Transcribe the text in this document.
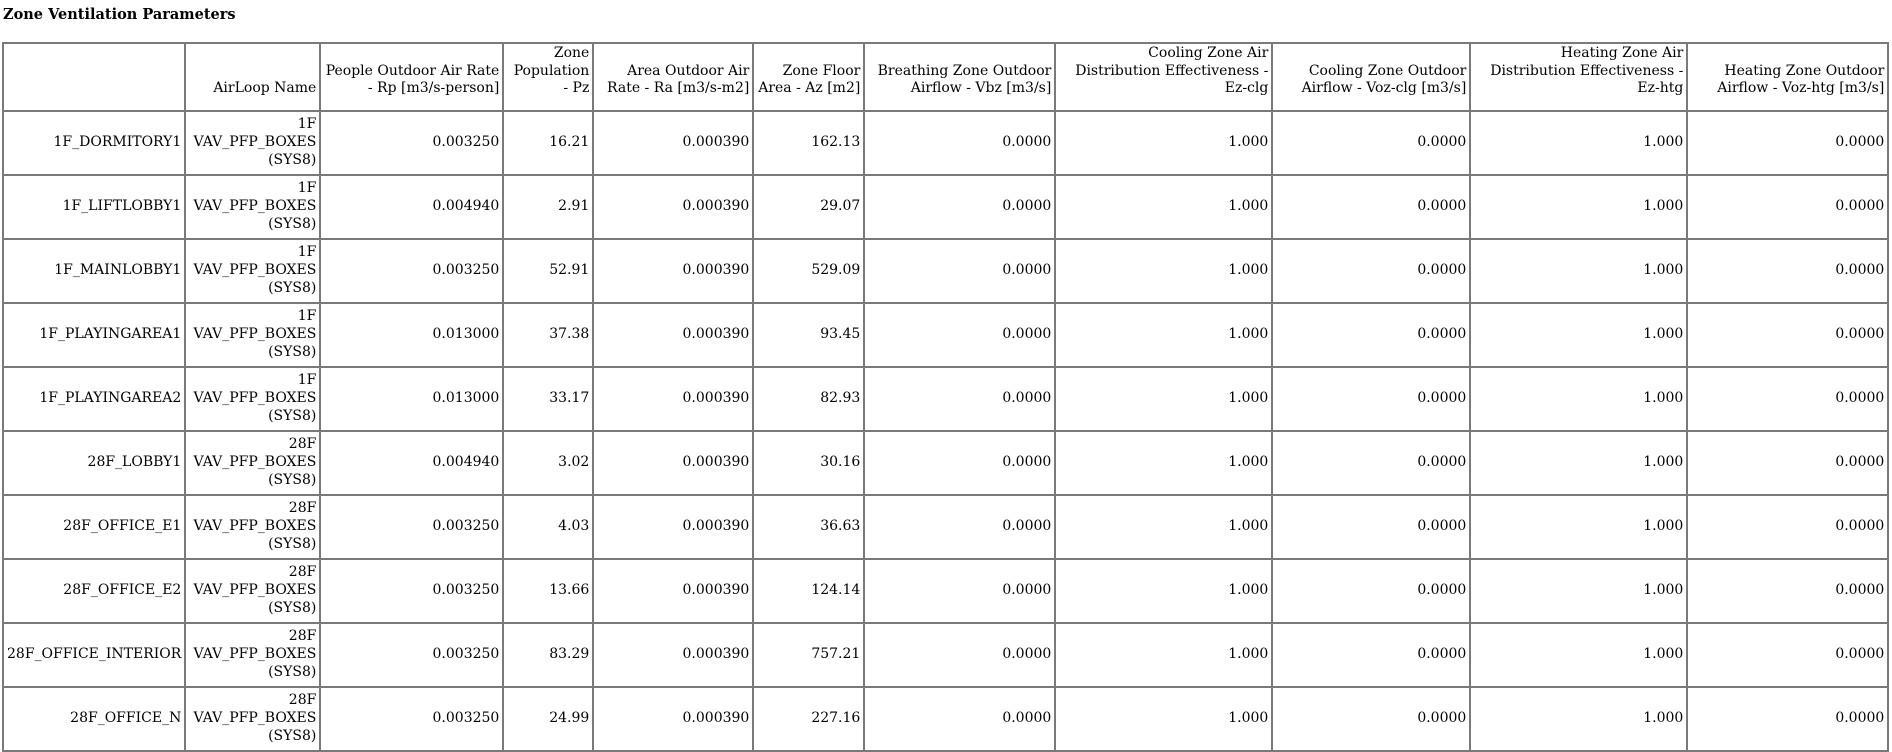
Zone Ventilation Parameters
	AirLoop Name	People Outdoor Air Rate - Rp [m3/s-person]	Zone Population - Pz	Area Outdoor Air Rate - Ra [m3/s-m2]	Zone Floor Area - Az [m2]	Breathing Zone Outdoor Airflow - Vbz [m3/s]	Cooling Zone Air Distribution Effectiveness - Ez-clg	Cooling Zone Outdoor Airflow - Voz-clg [m3/s]	Heating Zone Air Distribution Effectiveness - Ez-htg	Heating Zone Outdoor Airflow - Voz-htg [m3/s]
1F_DORMITORY1	1F
VAV_PFP_BOXES
(SYS8)	0.003250	16.21	0.000390	162.13	0.0000	1.000	0.0000	1.000	0.0000
1F_LIFTLOBBY1	1F
VAV_PFP_BOXES
(SYS8)	0.004940	2.91	0.000390	29.07	0.0000	1.000	0.0000	1.000	0.0000
1F_MAINLOBBY1	1F
VAV_PFP_BOXES
(SYS8)	0.003250	52.91	0.000390	529.09	0.0000	1.000	0.0000	1.000	0.0000
1F_PLAYINGAREA1	1F
VAV_PFP_BOXES
(SYS8)	0.013000	37.38	0.000390	93.45	0.0000	1.000	0.0000	1.000	0.0000
1F_PLAYINGAREA2	1F
VAV_PFP_BOXES
(SYS8)	0.013000	33.17	0.000390	82.93	0.0000	1.000	0.0000	1.000	0.0000
28F_LOBBY1	28F
VAV_PFP_BOXES
(SYS8)	0.004940	3.02	0.000390	30.16	0.0000	1.000	0.0000	1.000	0.0000
28F_OFFICE_E1	28F
VAV_PFP_BOXES
(SYS8)	0.003250	4.03	0.000390	36.63	0.0000	1.000	0.0000	1.000	0.0000
28F_OFFICE_E2	28F
VAV_PFP_BOXES
(SYS8)	0.003250	13.66	0.000390	124.14	0.0000	1.000	0.0000	1.000	0.0000
28F_OFFICE_INTERIOR	28F
VAV_PFP_BOXES
(SYS8)	0.003250	83.29	0.000390	757.21	0.0000	1.000	0.0000	1.000	0.0000
28F_OFFICE_N	28F
VAV_PFP_BOXES
(SYS8)	0.003250	24.99	0.000390	227.16	0.0000	1.000	0.0000	1.000	0.0000
